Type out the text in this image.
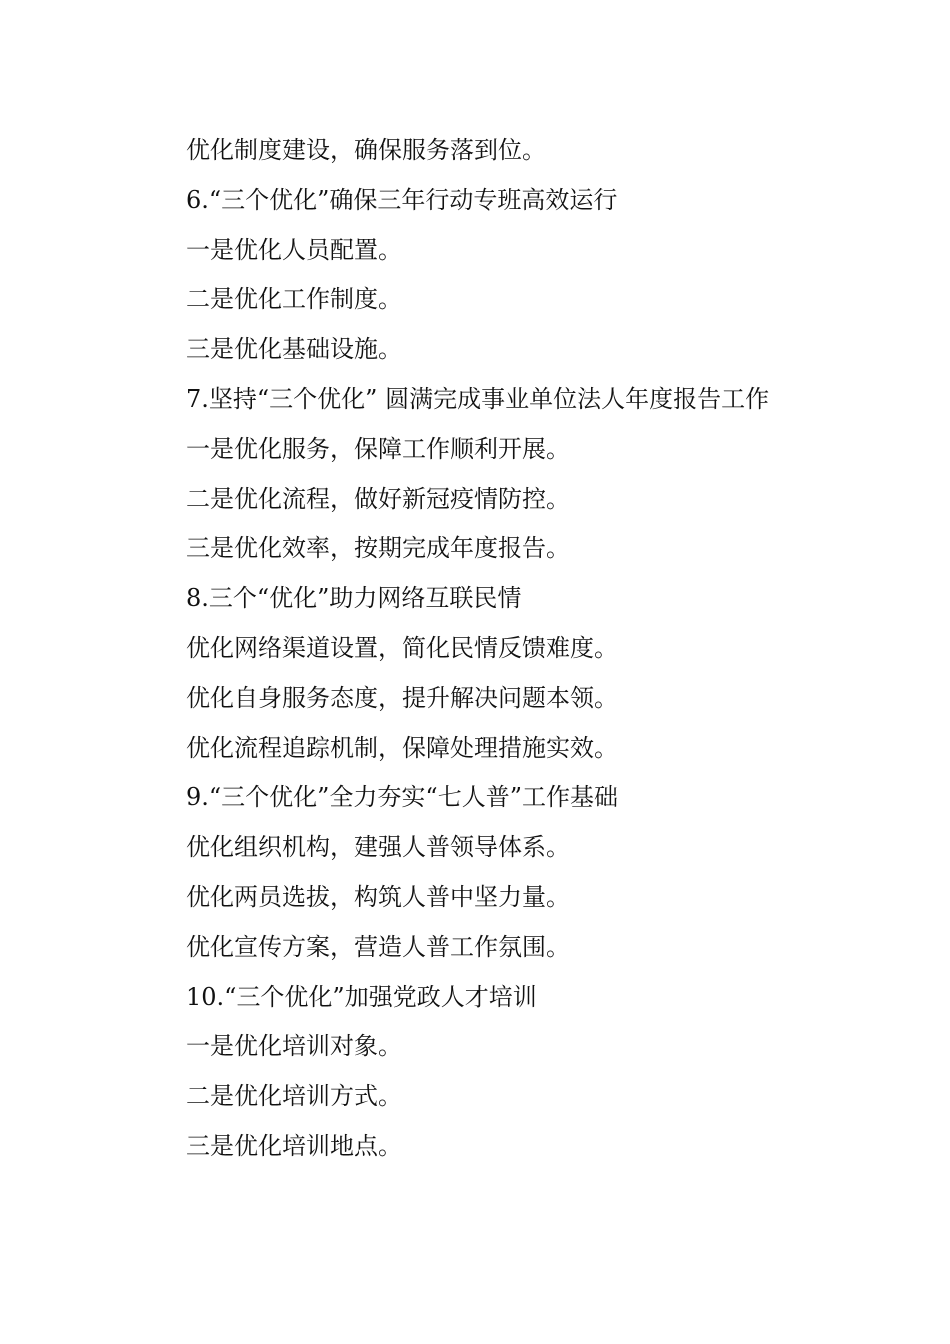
优化制度建设，确保服务落到位。

6.“三个优化”确保三年行动专班高效运行

一是优化人员配置。

二是优化工作制度。

三是优化基础设施。

7.坚持“三个优化” 圆满完成事业单位法人年度报告工作

一是优化服务，保障工作顺利开展。

二是优化流程，做好新冠疫情防控。

三是优化效率，按期完成年度报告。

8.三个“优化”助力网络互联民情

优化网络渠道设置，简化民情反馈难度。

优化自身服务态度，提升解决问题本领。

优化流程追踪机制，保障处理措施实效。

9.“三个优化”全力夯实“七人普”工作基础

优化组织机构，建强人普领导体系。

优化两员选拔，构筑人普中坚力量。

优化宣传方案，营造人普工作氛围。

10.“三个优化”加强党政人才培训

一是优化培训对象。

二是优化培训方式。

三是优化培训地点。
